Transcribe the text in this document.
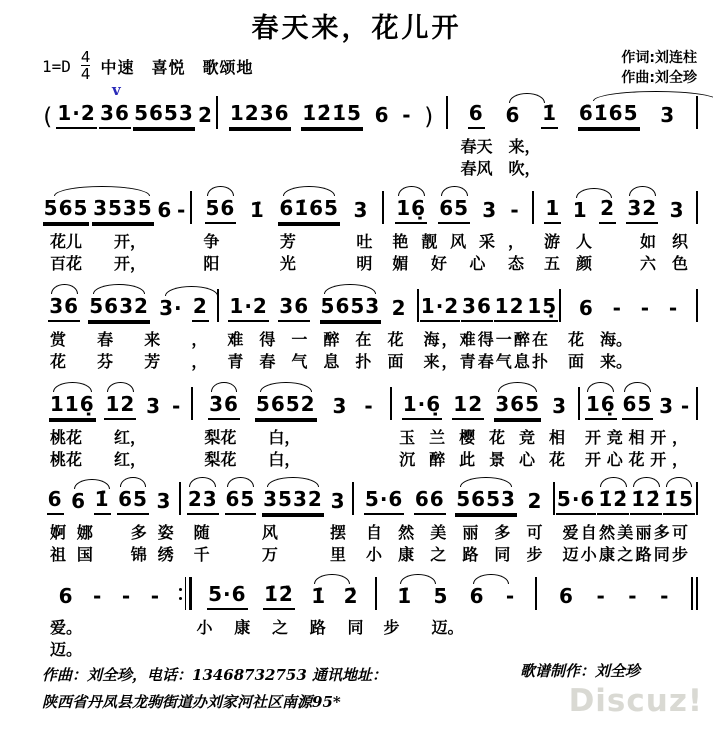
春天来，花儿开
$1=D \frac{4}{4}$ 中速　喜悦　歌颂地
v
作词:刘连柱
作曲:刘全珍
( 1·2 36 5653 2 1236 1̇2̇1̇5 6 - ) 6 6 1̇ 6̇1̇65 3
春天　来，
春风　吹，
565 3535 6 - 56 1̇ 6̇1̇65 3 16̣ 65 3 - 1 1 2 32 3
花儿　　开，	争芳吐	艳靓风采，	游人　如织
百花　　开，	阳光明	媚好心态	五颜　六色
36 5632 3· 2 1·2 36 5653 2 1·2 36 12 15̣ 6 - - -
赏春来，	难得一醉在花	海，难得一醉在	花　海。
花芬芳，	青春气息扑面	来，青春气息扑	面　来。
116̣ 12 3 - 36 5652 3 - 1·6̣ 12 365 3 16̣ 65 3 -
桃花　　红，	梨花　　白，	玉兰樱花竞相	开竞相开，
桃花　　红，	梨花　　白，	沉醉此景心花	开心花开，
6 6 1̇ 65 3 23 65 3532 3 5·6 66 5653 2 5·6 1̇2̇ 1̇2̇ 1̇5
婀娜　多姿	随风摆	自然美丽多可	爱自然美丽多可
祖国　锦绣	千万里	小康之路同步	迈小康之路同步
6 - - - 5·6 1̇2̇ 1̇ 2̇ 1̇ 5 6 - 6 - - -
爱。	小康之路同	步　　迈。
迈。
作曲：刘全珍，电话：13468732753 通讯地址：
陕西省丹凤县龙驹街道办刘家河社区南源95*
歌谱制作：刘全珍
Discuz!
